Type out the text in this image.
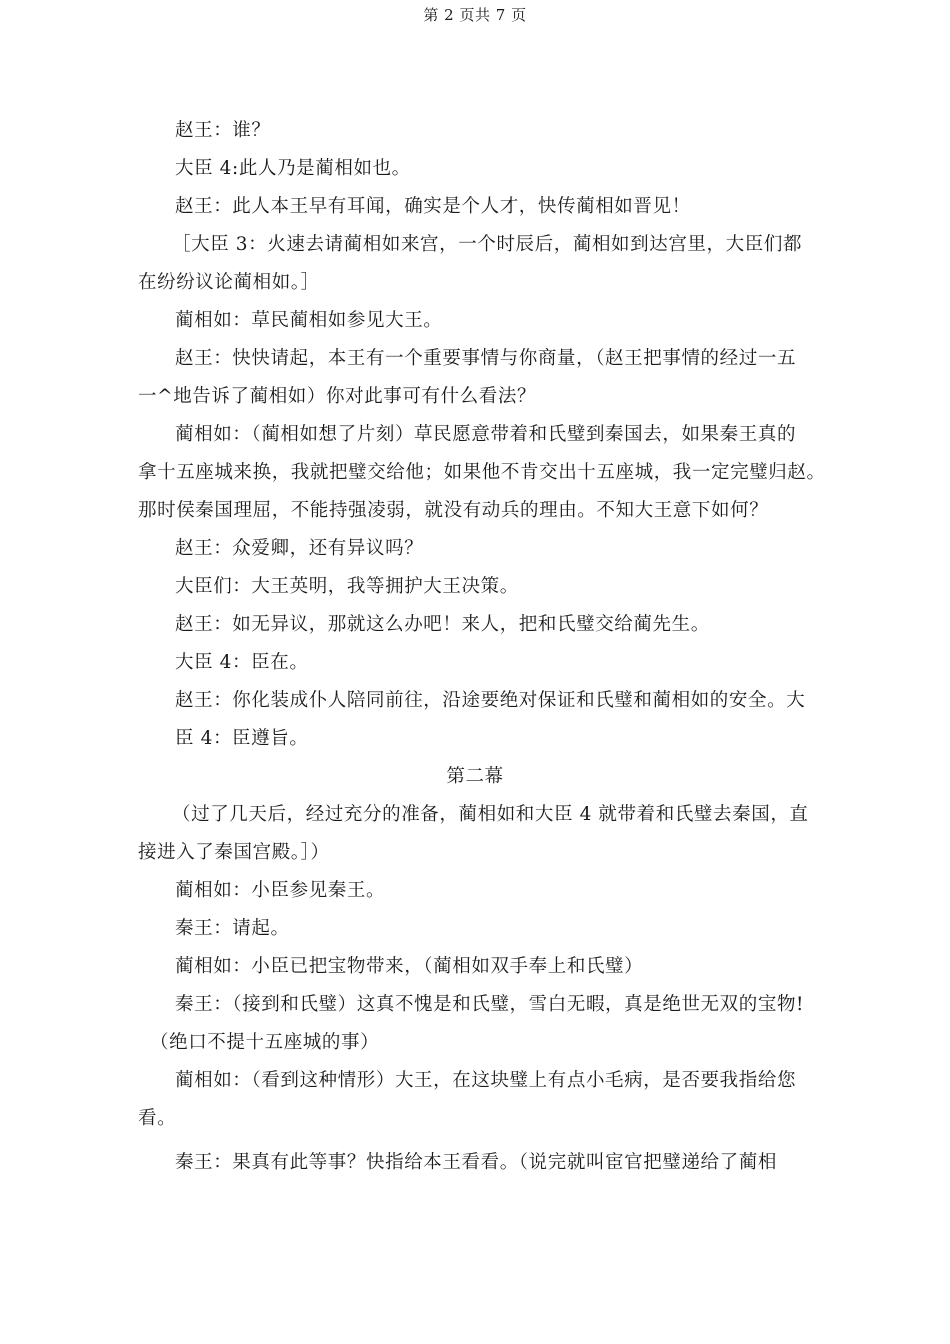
第 2 页共 7 页
赵王：谁？
大臣 4:此人乃是蔺相如也。
赵王：此人本王早有耳闻，确实是个人才，快传蔺相如晋见！
［大臣 3：火速去请蔺相如来宫，一个时辰后，蔺相如到达宫里，大臣们都
在纷纷议论蔺相如。］
蔺相如：草民蔺相如参见大王。
赵王：快快请起，本王有一个重要事情与你商量，（赵王把事情的经过一五
一^地告诉了蔺相如）你对此事可有什么看法？
蔺相如：（蔺相如想了片刻）草民愿意带着和氏璧到秦国去，如果秦王真的
拿十五座城来换，我就把璧交给他；如果他不肯交出十五座城，我一定完璧归赵。
那时侯秦国理屈，不能持强凌弱，就没有动兵的理由。不知大王意下如何？
赵王：众爱卿，还有异议吗？
大臣们：大王英明，我等拥护大王决策。
赵王：如无异议，那就这么办吧！来人，把和氏璧交给蔺先生。
大臣 4：臣在。
赵王：你化装成仆人陪同前往，沿途要绝对保证和氏璧和蔺相如的安全。大
臣 4：臣遵旨。
第二幕
（过了几天后，经过充分的准备，蔺相如和大臣 4 就带着和氏璧去秦国，直
接进入了秦国宫殿。］）
蔺相如：小臣参见秦王。
秦王：请起。
蔺相如：小臣已把宝物带来，（蔺相如双手奉上和氏璧）
秦王：（接到和氏璧）这真不愧是和氏璧，雪白无暇，真是绝世无双的宝物!
（绝口不提十五座城的事）
蔺相如：（看到这种情形）大王，在这块璧上有点小毛病，是否要我指给您
看。
秦王：果真有此等事？快指给本王看看。（说完就叫宦官把璧递给了蔺相
